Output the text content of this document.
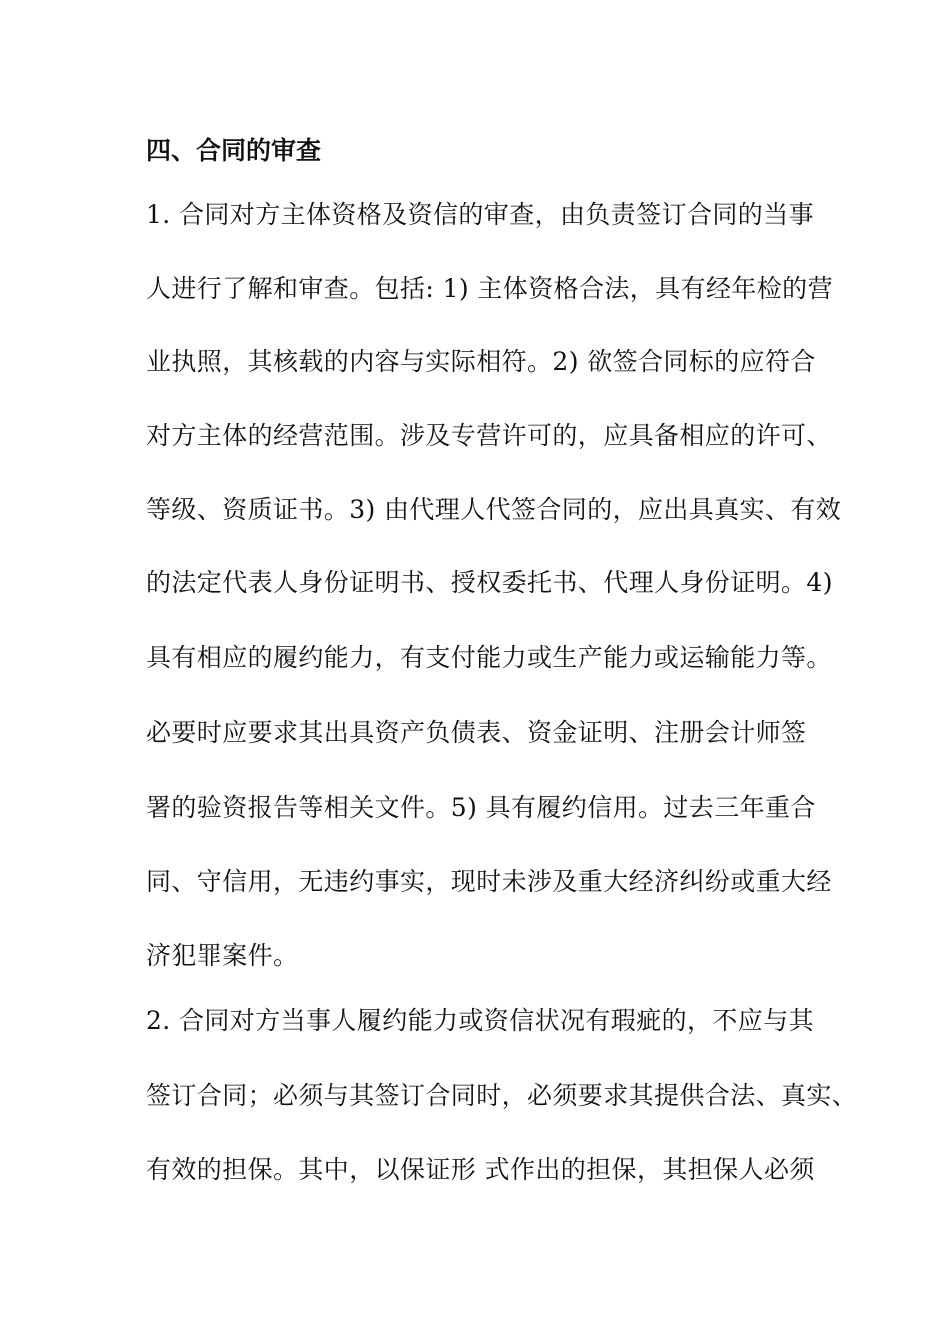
四、合同的审查
1. 合同对方主体资格及资信的审查，由负责签订合同的当事
人进行了解和审查。包括: 1) 主体资格合法，具有经年检的营
业执照，其核载的内容与实际相符。2) 欲签合同标的应符合
对方主体的经营范围。涉及专营许可的，应具备相应的许可、
等级、资质证书。3) 由代理人代签合同的，应出具真实、有效
的法定代表人身份证明书、授权委托书、代理人身份证明。4)
具有相应的履约能力，有支付能力或生产能力或运输能力等。
必要时应要求其出具资产负债表、资金证明、注册会计师签
署的验资报告等相关文件。5) 具有履约信用。过去三年重合
同、守信用，无违约事实，现时未涉及重大经济纠纷或重大经
济犯罪案件。
2. 合同对方当事人履约能力或资信状况有瑕疵的，不应与其
签订合同；必须与其签订合同时，必须要求其提供合法、真实、
有效的担保。其中，以保证形 式作出的担保，其担保人必须
